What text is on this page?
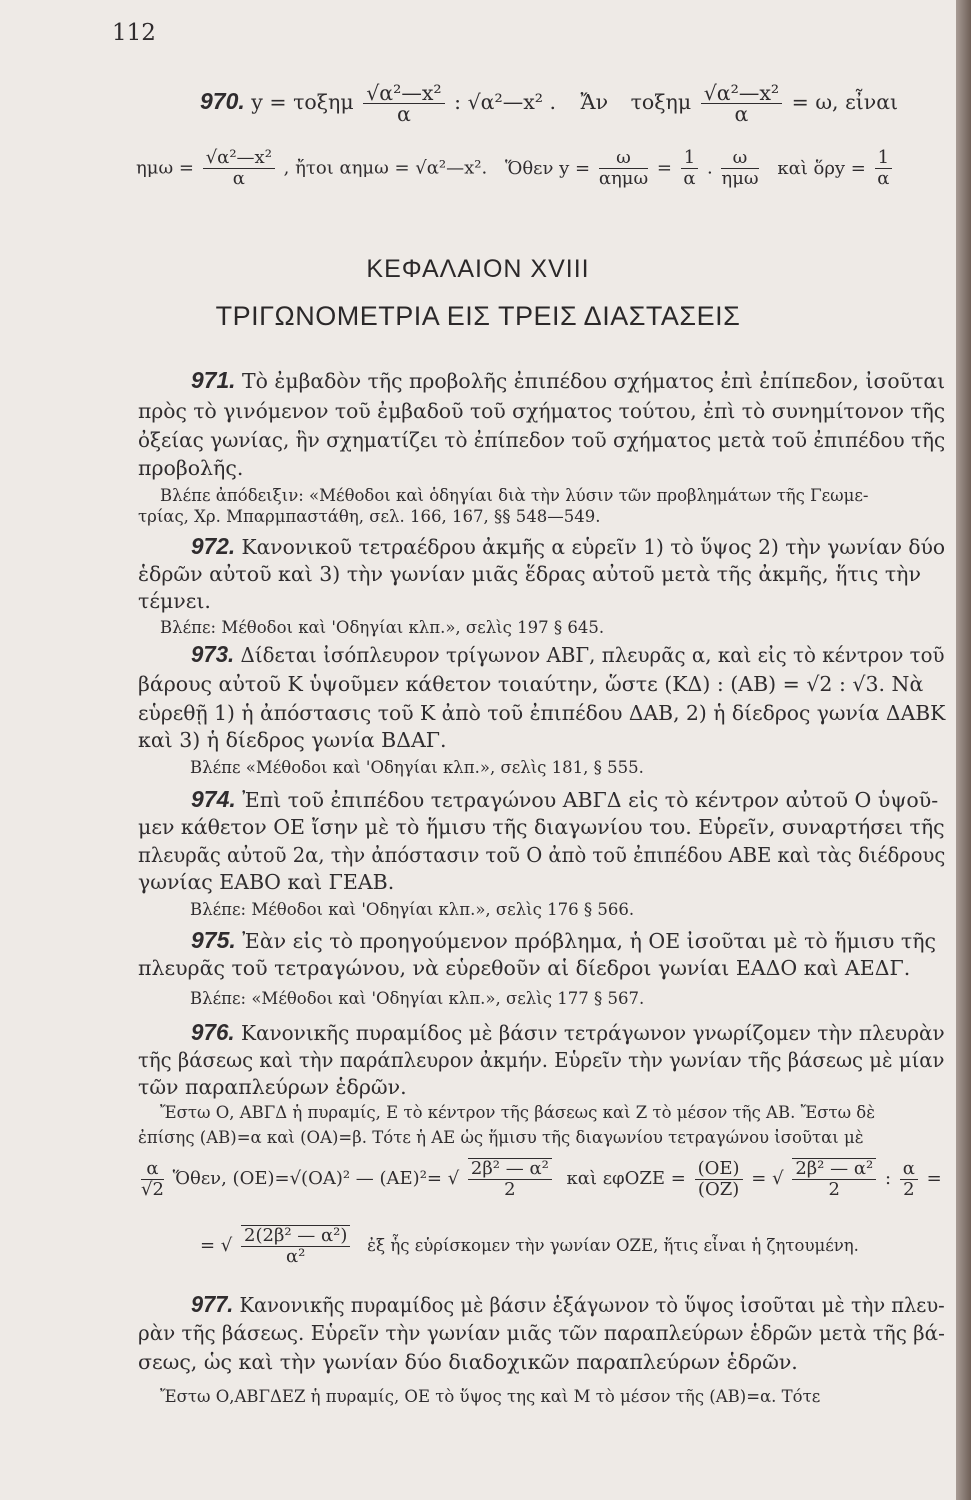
112
970. y = τοξημ $\frac{\text{√α²—x²}}{\alpha}$ : √α²—x² . Ἄν τοξημ $\frac{\text{√α²—x²}}{\alpha} = \omega$, εἶναι
$\eta\mu\omega = \frac{\text{√α²—x²}}{\alpha}$ , ἤτοι αημω = √α²—x². Ὅθεν $y = \frac{\omega}{\text{αημω}} = \frac{1}{\alpha}$ . $\frac{\omega}{\text{ημω}}$ καὶ ὅρy = $\frac{1}{\alpha}$
ΚΕΦΑΛΑΙΟΝ XVIII
ΤΡΙΓΩΝΟΜΕΤΡΙΑ ΕΙΣ ΤΡΕΙΣ ΔΙΑΣΤΑΣΕΙΣ
971. Τὸ ἐμβαδὸν τῆς προβολῆς ἐπιπέδου σχήματος ἐπὶ ἐπίπεδον, ἰσοῦται
πρὸς τὸ γινόμενον τοῦ ἐμβαδοῦ τοῦ σχήματος τούτου, ἐπὶ τὸ συνημίτονον τῆς
ὀξείας γωνίας, ἣν σχηματίζει τὸ ἐπίπεδον τοῦ σχήματος μετὰ τοῦ ἐπιπέδου τῆς
προβολῆς.
Βλέπε ἀπόδειξιν: «Μέθοδοι καὶ ὁδηγίαι διὰ τὴν λύσιν τῶν προβλημάτων τῆς Γεωμε-
τρίας, Χρ. Μπαρμπαστάθη, σελ. 166, 167, §§ 548—549.
972. Κανονικοῦ τετραέδρου ἀκμῆς α εὑρεῖν 1) τὸ ὕψος 2) τὴν γωνίαν δύο
ἑδρῶν αὐτοῦ καὶ 3) τὴν γωνίαν μιᾶς ἕδρας αὐτοῦ μετὰ τῆς ἀκμῆς, ἥτις τὴν
τέμνει.
Βλέπε: Μέθοδοι καὶ 'Οδηγίαι κλπ.», σελὶς 197 § 645.
973. Δίδεται ἰσόπλευρον τρίγωνον ΑΒΓ, πλευρᾶς α, καὶ εἰς τὸ κέντρον τοῦ
βάρους αὐτοῦ Κ ὑψοῦμεν κάθετον τοιαύτην, ὥστε (ΚΔ) : (ΑΒ) = √2 : √3. Νὰ
εὑρεθῇ 1) ἡ ἀπόστασις τοῦ Κ ἀπὸ τοῦ ἐπιπέδου ΔΑΒ, 2) ἡ δίεδρος γωνία ΔΑΒΚ
καὶ 3) ἡ δίεδρος γωνία ΒΔΑΓ.
Βλέπε «Μέθοδοι καὶ 'Οδηγίαι κλπ.», σελὶς 181, § 555.
974. Ἐπὶ τοῦ ἐπιπέδου τετραγώνου ΑΒΓΔ εἰς τὸ κέντρον αὐτοῦ Ο ὑψοῦ-
μεν κάθετον ΟΕ ἴσην μὲ τὸ ἥμισυ τῆς διαγωνίου του. Εὑρεῖν, συναρτήσει τῆς
πλευρᾶς αὐτοῦ 2α, τὴν ἀπόστασιν τοῦ Ο ἀπὸ τοῦ ἐπιπέδου ΑΒΕ καὶ τὰς διέδρους
γωνίας ΕΑΒΟ καὶ ΓΕΑΒ.
Βλέπε: Μέθοδοι καὶ 'Οδηγίαι κλπ.», σελὶς 176 § 566.
975. Ἐὰν εἰς τὸ προηγούμενον πρόβλημα, ἡ ΟΕ ἰσοῦται μὲ τὸ ἥμισυ τῆς
πλευρᾶς τοῦ τετραγώνου, νὰ εὑρεθοῦν αἱ δίεδροι γωνίαι ΕΑΔΟ καὶ ΑΕΔΓ.
Βλέπε: «Μέθοδοι καὶ 'Οδηγίαι κλπ.», σελὶς 177 § 567.
976. Κανονικῆς πυραμίδος μὲ βάσιν τετράγωνον γνωρίζομεν τὴν πλευρὰν
τῆς βάσεως καὶ τὴν παράπλευρον ἀκμήν. Εὑρεῖν τὴν γωνίαν τῆς βάσεως μὲ μίαν
τῶν παραπλεύρων ἑδρῶν.
Ἔστω Ο, ΑΒΓΔ ἡ πυραμίς, Ε τὸ κέντρον τῆς βάσεως καὶ Ζ τὸ μέσον τῆς ΑΒ. Ἔστω δὲ
ἐπίσης (ΑΒ)=α καὶ (ΟΑ)=β. Τότε ἡ ΑΕ ὡς ἥμισυ τῆς διαγωνίου τετραγώνου ἰσοῦται μὲ
$\frac{\alpha}{√2}$ Ὅθεν, (ΟΕ)=√(ΟΑ)² — (ΑΕ)²= √ $\frac{\text{2β² — α²}}{2}$ καὶ $\varepsilon\varphi OZE = \frac{(OE)}{(OZ)}$ = √ $\frac{\text{2β² — α²}}{2}$ : $\frac{\alpha}{2}$ =
= √ $\frac{\text{2(2β² — α²)}}{\text{α²}}$ ἐξ ἧς εὑρίσκομεν τὴν γωνίαν ΟΖΕ, ἥτις εἶναι ἡ ζητουμένη.
977. Κανονικῆς πυραμίδος μὲ βάσιν ἑξάγωνον τὸ ὕψος ἰσοῦται μὲ τὴν πλευ-
ρὰν τῆς βάσεως. Εὑρεῖν τὴν γωνίαν μιᾶς τῶν παραπλεύρων ἑδρῶν μετὰ τῆς βά-
σεως, ὡς καὶ τὴν γωνίαν δύο διαδοχικῶν παραπλεύρων ἑδρῶν.
Ἔστω Ο,ΑΒΓΔΕΖ ἡ πυραμίς, ΟΕ τὸ ὕψος της καὶ Μ τὸ μέσον τῆς (ΑΒ)=α. Τότε
